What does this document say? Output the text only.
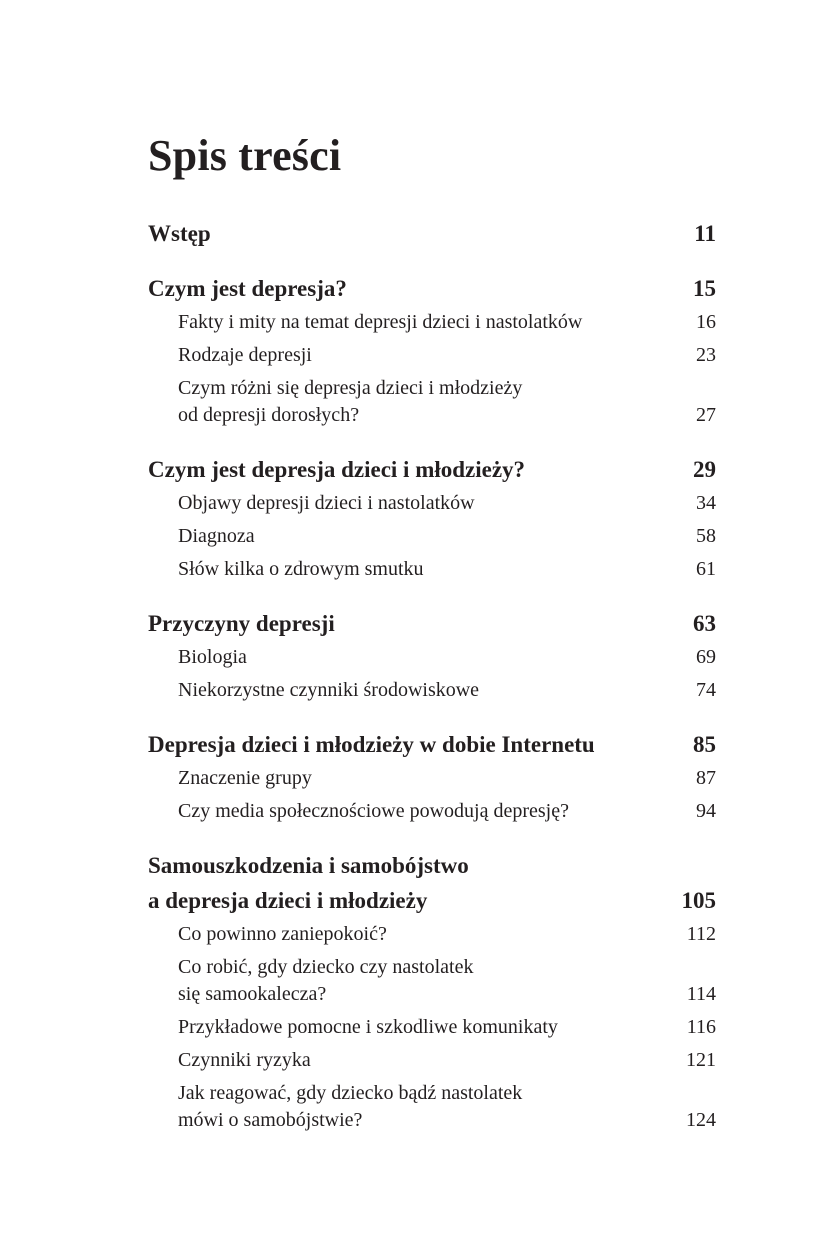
Spis treści
Wstęp	11
Czym jest depresja?	15
Fakty i mity na temat depresji dzieci i nastolatków	16
Rodzaje depresji	23
Czym różni się depresja dzieci i młodzieży
od depresji dorosłych?	27
Czym jest depresja dzieci i młodzieży?	29
Objawy depresji dzieci i nastolatków	34
Diagnoza	58
Słów kilka o zdrowym smutku	61
Przyczyny depresji	63
Biologia	69
Niekorzystne czynniki środowiskowe	74
Depresja dzieci i młodzieży w dobie Internetu	85
Znaczenie grupy	87
Czy media społecznościowe powodują depresję?	94
Samouszkodzenia i samobójstwo
a depresja dzieci i młodzieży	105
Co powinno zaniepokoić?	112
Co robić, gdy dziecko czy nastolatek
się samookalecza?	114
Przykładowe pomocne i szkodliwe komunikaty	116
Czynniki ryzyka	121
Jak reagować, gdy dziecko bądź nastolatek
mówi o samobójstwie?	124
